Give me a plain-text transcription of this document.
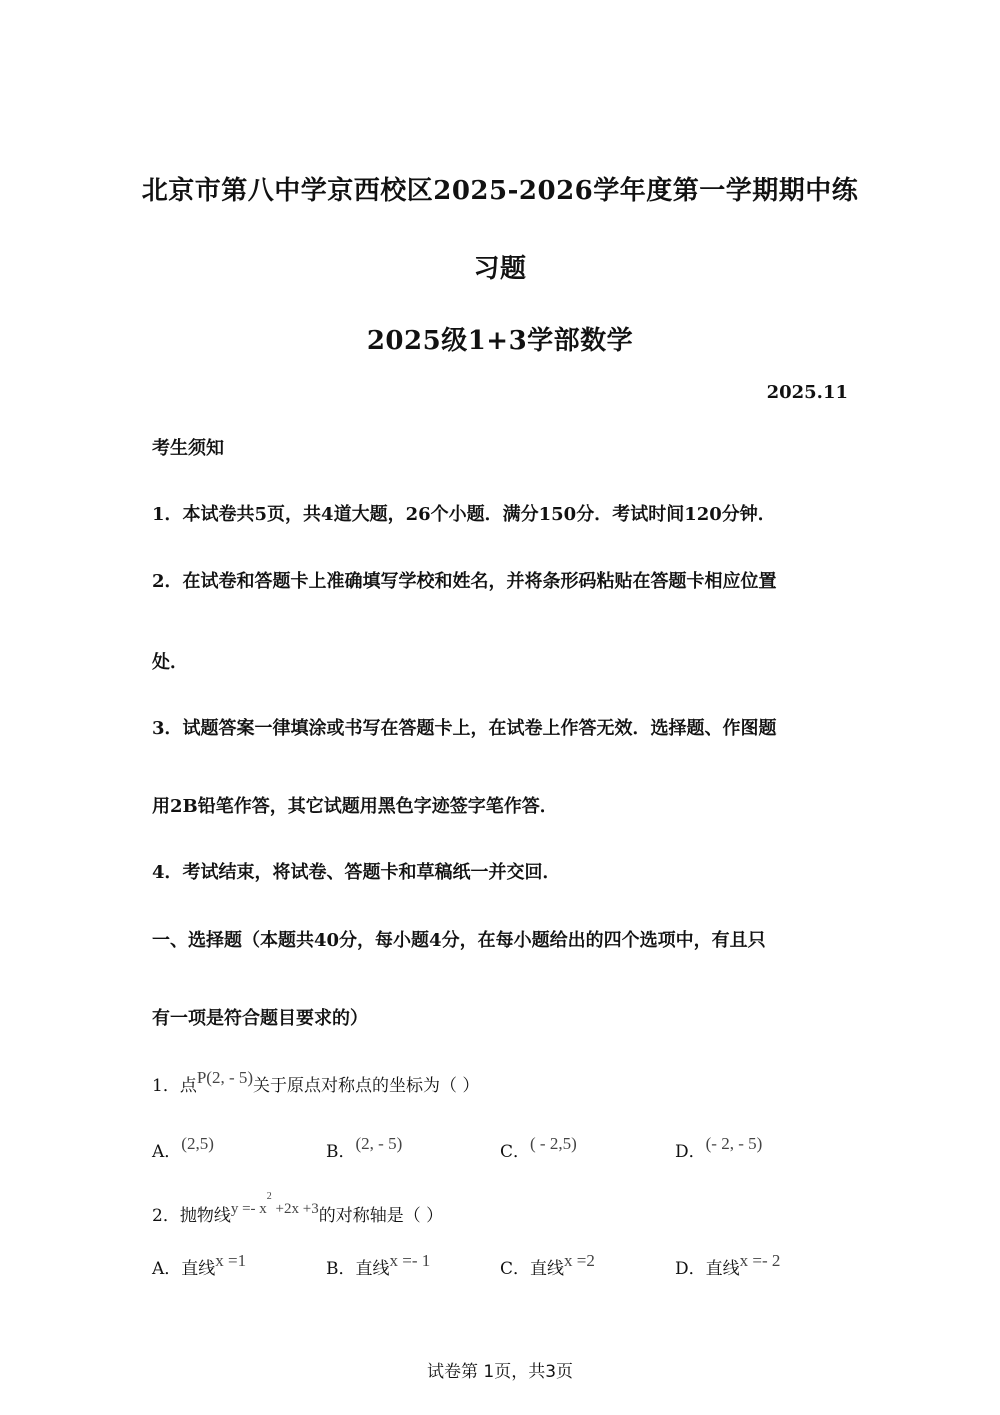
北京市第八中学京西校区2025-2026学年度第一学期期中练
习题
2025级1+3学部数学
2025.11
考生须知
1．本试卷共5页，共4道大题，26个小题．满分150分．考试时间120分钟．
2．在试卷和答题卡上准确填写学校和姓名，并将条形码粘贴在答题卡相应位置
处．
3．试题答案一律填涂或书写在答题卡上，在试卷上作答无效．选择题、作图题
用2B铅笔作答，其它试题用黑色字迹签字笔作答．
4．考试结束，将试卷、答题卡和草稿纸一并交回．
一、选择题（本题共40分，每小题4分，在每小题给出的四个选项中，有且只
有一项是符合题目要求的）
1．点P(2, - 5)关于原点对称点的坐标为（ ）
A．(2,5)	B．(2, - 5)	C．( - 2,5)	D．(- 2, - 5)
2．抛物线$y =- x^2 +2x +3$的对称轴是（ ）
A．直线x =1	B．直线x =- 1	C．直线x =2	D．直线x =- 2
试卷第 1页，共3页
